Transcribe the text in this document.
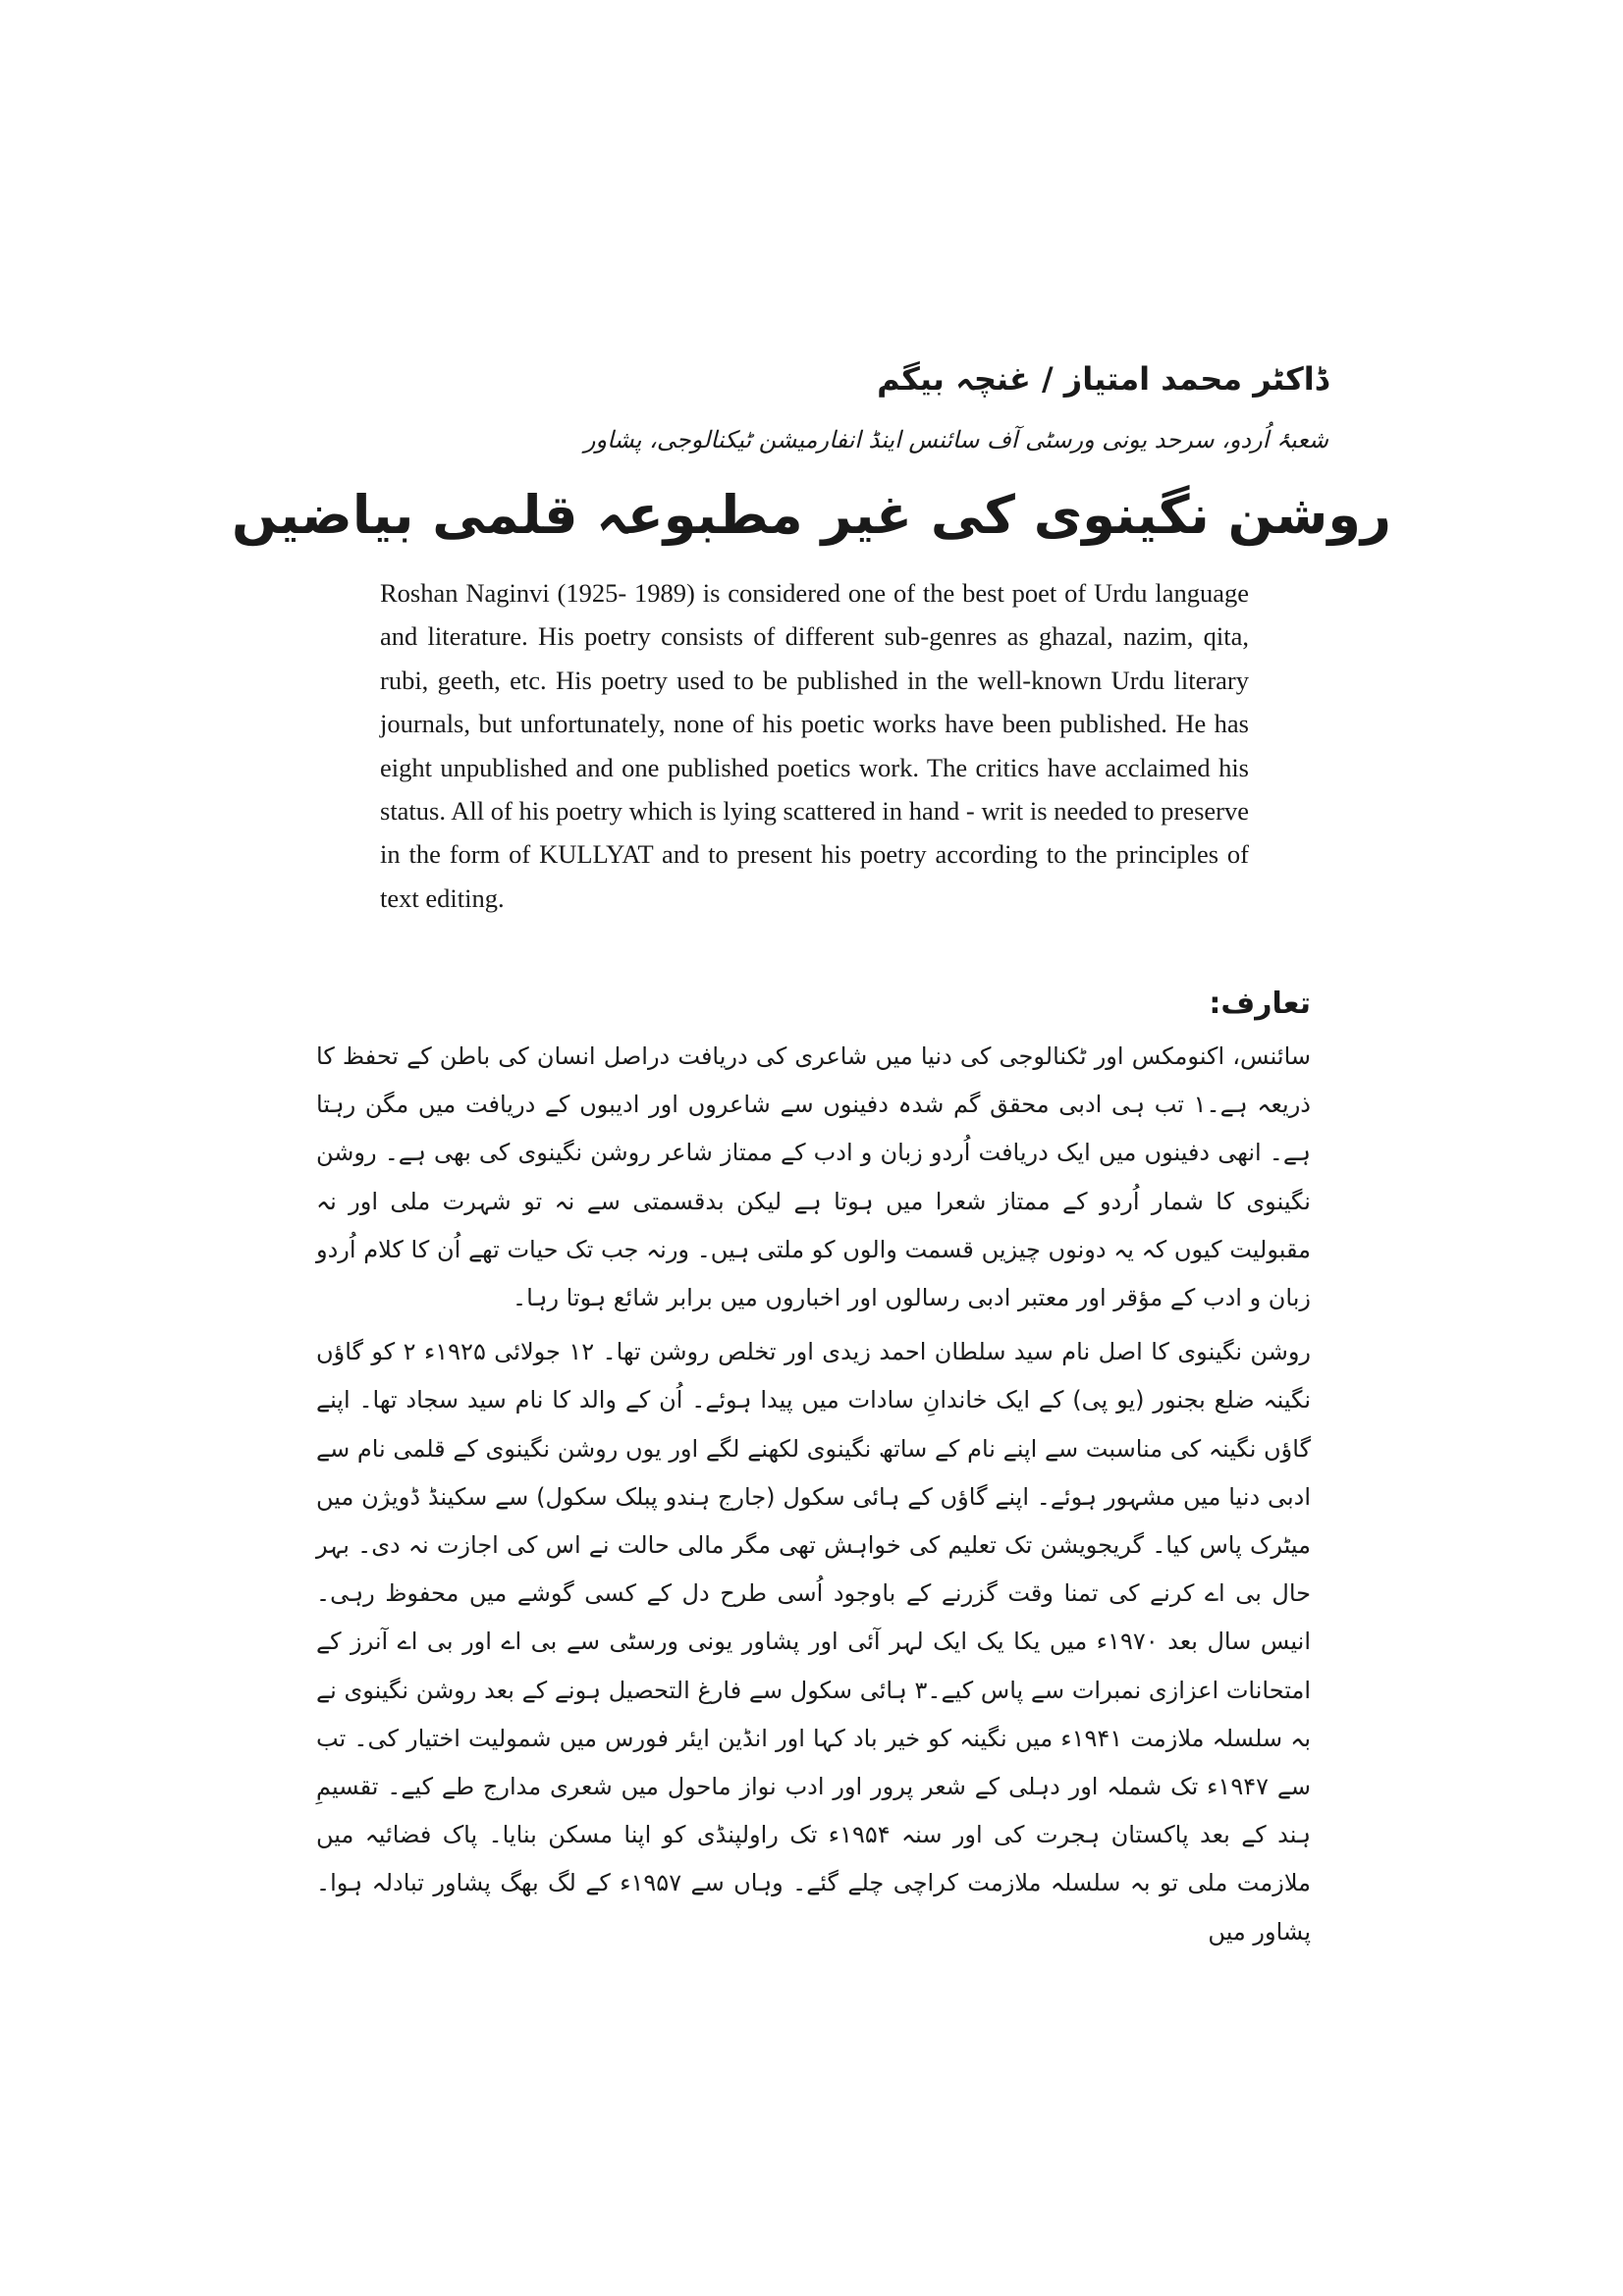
ڈاکٹر محمد امتیاز / غنچہ بیگم
شعبۂ اُردو، سرحد یونی ورسٹی آف سائنس اینڈ انفارمیشن ٹیکنالوجی، پشاور
روشن نگینوی کی غیر مطبوعہ قلمی بیاضیں

Roshan Naginvi (1925- 1989) is considered one of the best poet of Urdu language and literature. His poetry consists of different sub-genres as ghazal, nazim, qita, rubi, geeth, etc. His poetry used to be published in the well-known Urdu literary journals, but unfortunately, none of his poetic works have been published. He has eight unpublished and one published poetics work. The critics have acclaimed his status. All of his poetry which is lying scattered in hand - writ is needed to preserve in the form of KULLYAT and to present his poetry according to the principles of text editing.

تعارف:

سائنس، اکنومکس اور ٹکنالوجی کی دنیا میں شاعری کی دریافت دراصل انسان کی باطن کے تحفظ کا ذریعہ ہے۔۱ تب ہی ادبی محقق گم شدہ دفینوں سے شاعروں اور ادیبوں کے دریافت میں مگن رہتا ہے۔ انھی دفینوں میں ایک دریافت اُردو زبان و ادب کے ممتاز شاعر روشن نگینوی کی بھی ہے۔ روشن نگینوی کا شمار اُردو کے ممتاز شعرا میں ہوتا ہے لیکن بدقسمتی سے نہ تو شہرت ملی اور نہ مقبولیت کیوں کہ یہ دونوں چیزیں قسمت والوں کو ملتی ہیں۔ ورنہ جب تک حیات تھے اُن کا کلام اُردو زبان و ادب کے مؤقر اور معتبر ادبی رسالوں اور اخباروں میں برابر شائع ہوتا رہا۔

روشن نگینوی کا اصل نام سید سلطان احمد زیدی اور تخلص روشن تھا۔ ۱۲ جولائی ۱۹۲۵ء ۲ کو گاؤں نگینہ ضلع بجنور (یو پی) کے ایک خاندانِ سادات میں پیدا ہوئے۔ اُن کے والد کا نام سید سجاد تھا۔ اپنے گاؤں نگینہ کی مناسبت سے اپنے نام کے ساتھ نگینوی لکھنے لگے اور یوں روشن نگینوی کے قلمی نام سے ادبی دنیا میں مشہور ہوئے۔ اپنے گاؤں کے ہائی سکول (جارج ہندو پبلک سکول) سے سکینڈ ڈویژن میں میٹرک پاس کیا۔ گریجویشن تک تعلیم کی خواہش تھی مگر مالی حالت نے اس کی اجازت نہ دی۔ بہر حال بی اے کرنے کی تمنا وقت گزرنے کے باوجود اُسی طرح دل کے کسی گوشے میں محفوظ رہی۔ انیس سال بعد ۱۹۷۰ء میں یکا یک ایک لہر آئی اور پشاور یونی ورسٹی سے بی اے اور بی اے آنرز کے امتحانات اعزازی نمبرات سے پاس کیے۔۳ ہائی سکول سے فارغ التحصیل ہونے کے بعد روشن نگینوی نے بہ سلسلہ ملازمت ۱۹۴۱ء میں نگینہ کو خیر باد کہا اور انڈین ایئر فورس میں شمولیت اختیار کی۔ تب سے ۱۹۴۷ء تک شملہ اور دہلی کے شعر پرور اور ادب نواز ماحول میں شعری مدارج طے کیے۔ تقسیمِ ہند کے بعد پاکستان ہجرت کی اور سنہ ۱۹۵۴ء تک راولپنڈی کو اپنا مسکن بنایا۔ پاک فضائیہ میں ملازمت ملی تو بہ سلسلہ ملازمت کراچی چلے گئے۔ وہاں سے ۱۹۵۷ء کے لگ بھگ پشاور تبادلہ ہوا۔ پشاور میں
